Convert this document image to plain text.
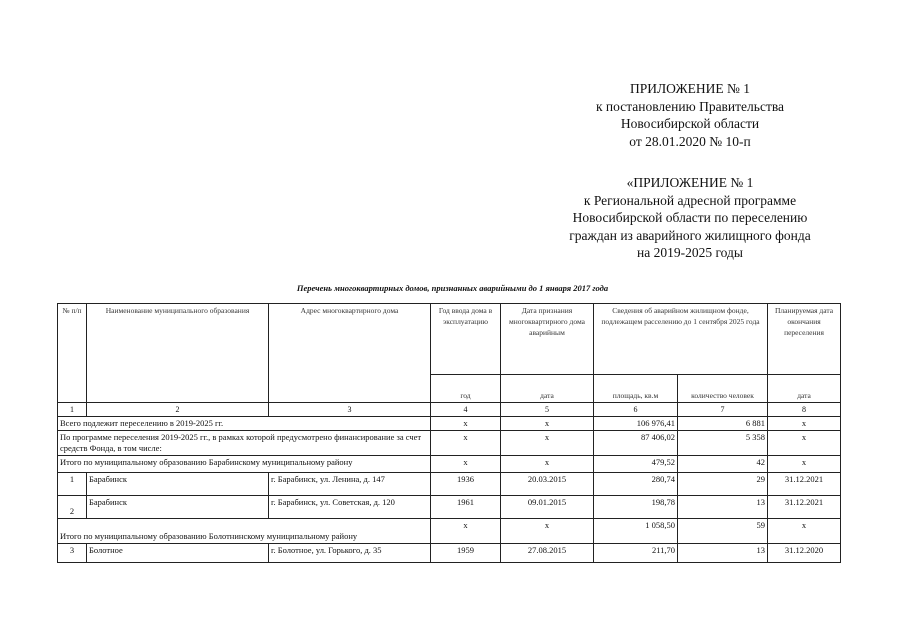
ПРИЛОЖЕНИЕ № 1
к постановлению Правительства
Новосибирской области
от 28.01.2020 № 10-п
«ПРИЛОЖЕНИЕ № 1
к Региональной адресной программе
Новосибирской области по переселению
граждан из аварийного жилищного фонда
на 2019-2025 годы
Перечень многоквартирных домов, признанных аварийными до 1 января 2017 года
№ п/п	Наименование муниципального образования	Адрес многоквартирного дома	Год ввода дома в эксплуатацию	Дата признания многоквартирного дома аварийным	Сведения об аварийном жилищном фонде, подлежащем расселению до 1 сентября 2025 года		Планируемая дата окончания переселения
			год	дата	площадь, кв.м	количество человек	дата
1	2	3	4	5	6	7	8
Всего подлежит переселению в 2019-2025 гг.			x	x	106 976,41	6 881	x
По программе переселения 2019-2025 гг., в рамках которой предусмотрено финансирование за счет средств Фонда, в том числе:			x	x	87 406,02	5 358	x
Итого по муниципальному образованию Барабинскому муниципальному району			x	x	479,52	42	x
1	Барабинск	г. Барабинск, ул. Ленина, д. 147	1936	20.03.2015	280,74	29	31.12.2021
2	Барабинск	г. Барабинск, ул. Советская, д. 120	1961	09.01.2015	198,78	13	31.12.2021
Итого по муниципальному образованию Болотнинскому муниципальному району			x	x	1 058,50	59	x
3	Болотное	г. Болотное, ул. Горького, д. 35	1959	27.08.2015	211,70	13	31.12.2020
